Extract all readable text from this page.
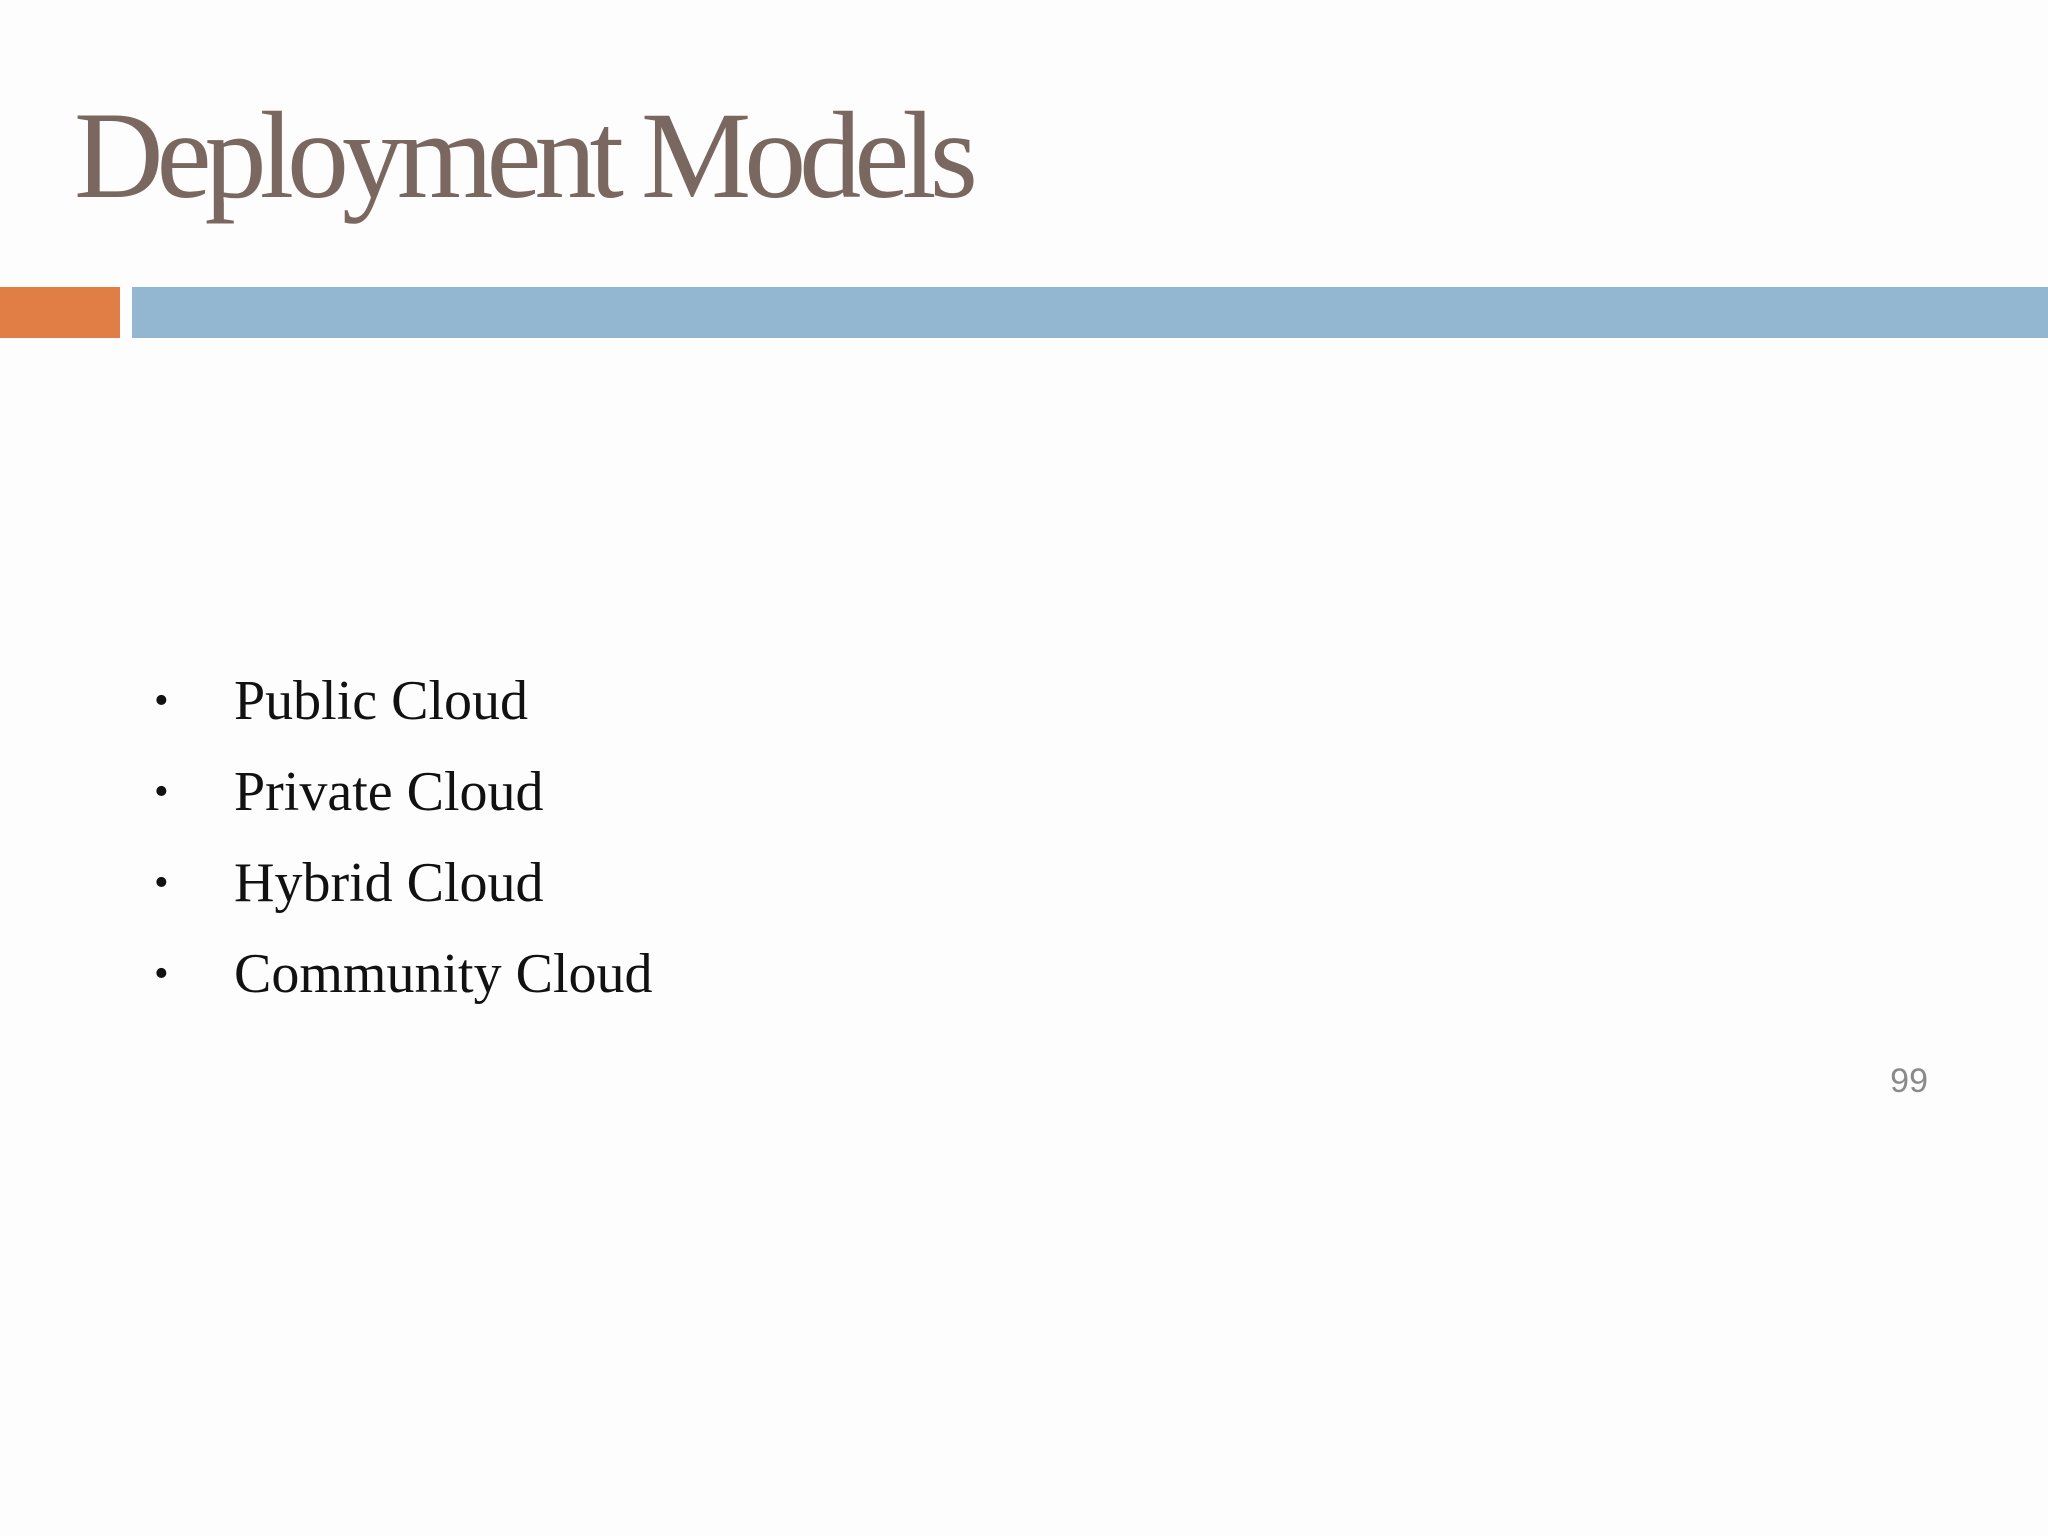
Deployment Models
•	Public Cloud
•	Private Cloud
•	Hybrid Cloud
•	Community Cloud
99
